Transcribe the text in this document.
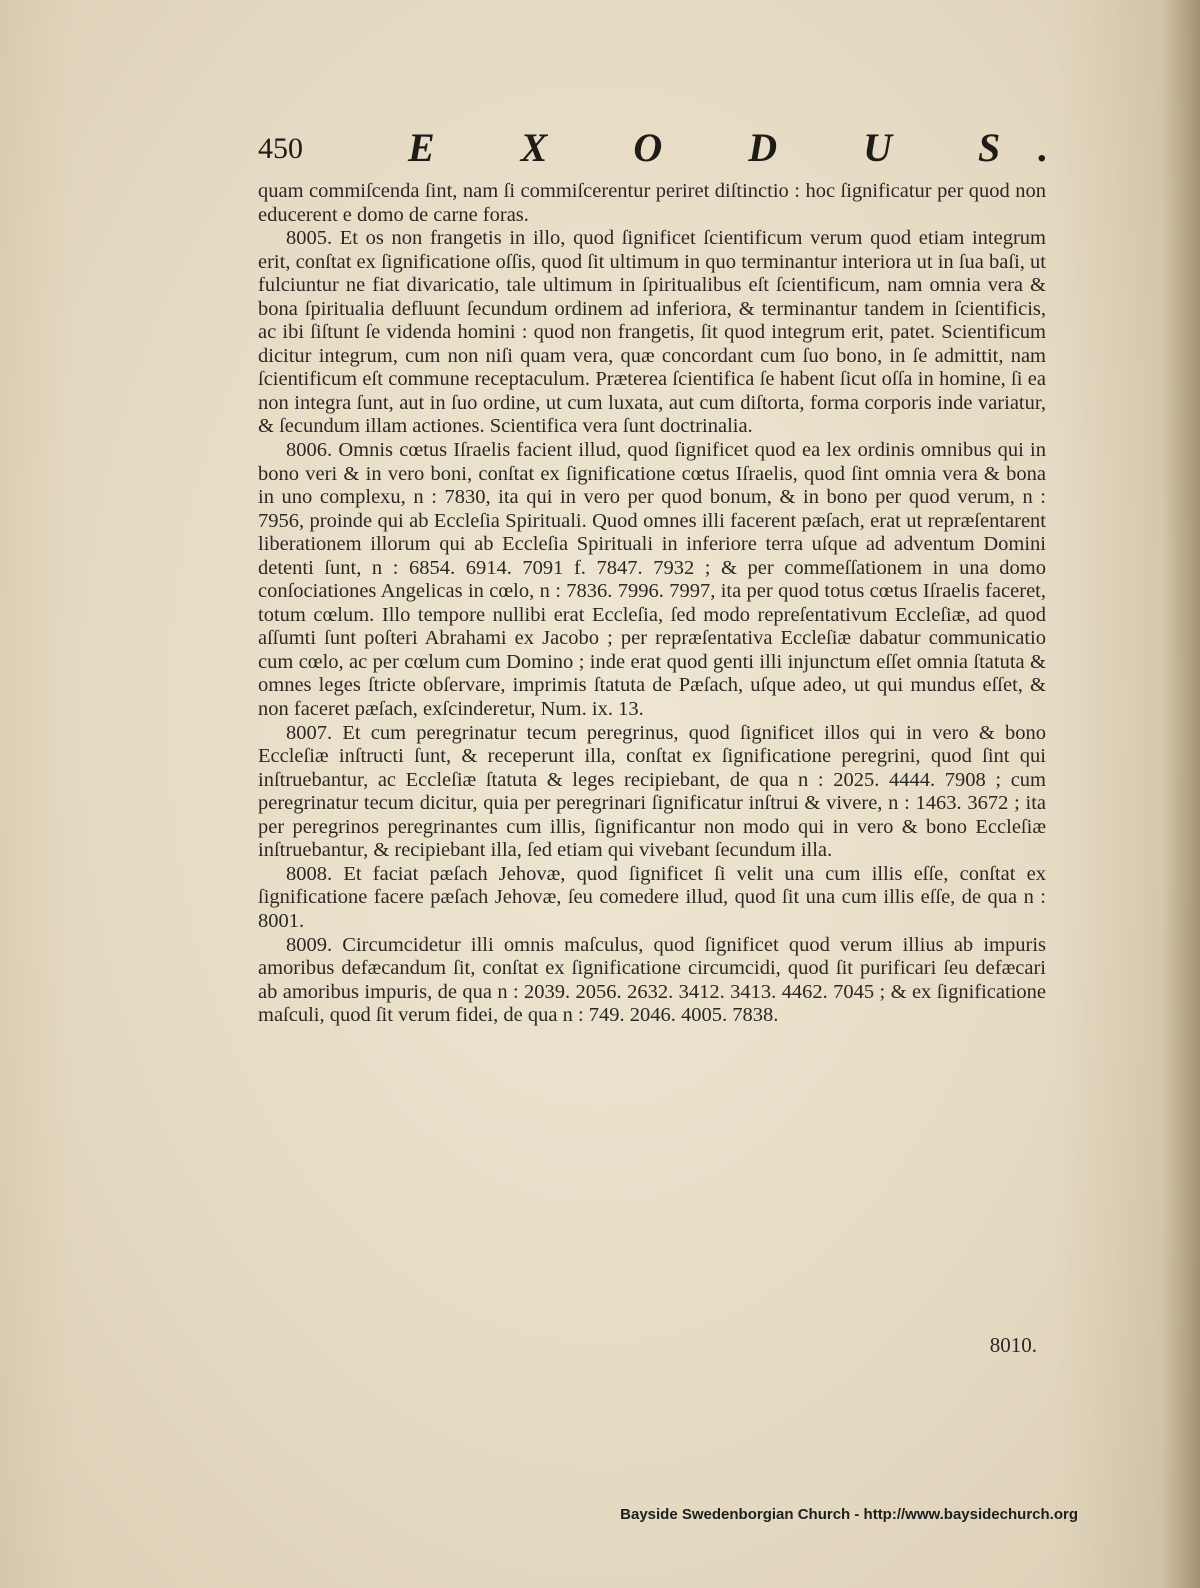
450	E X O D U S.

quam commiſcenda ſint, nam ſi commiſcerentur periret diſtinctio : hoc ſignificatur per quod non educerent e domo de carne foras.

8005. Et os non frangetis in illo, quod ſignificet ſcientificum verum quod etiam integrum erit, conſtat ex ſignificatione oſſis, quod ſit ultimum in quo terminantur interiora ut in ſua baſi, ut fulciuntur ne fiat divaricatio, tale ultimum in ſpiritualibus eſt ſcientificum, nam omnia vera & bona ſpiritualia defluunt ſecundum ordinem ad inferiora, & terminantur tandem in ſcientificis, ac ibi ſiſtunt ſe videnda homini : quod non frangetis, ſit quod integrum erit, patet. Scientificum dicitur integrum, cum non niſi quam vera, quæ concordant cum ſuo bono, in ſe admittit, nam ſcientificum eſt commune receptaculum. Præterea ſcientifica ſe habent ſicut oſſa in homine, ſi ea non integra ſunt, aut in ſuo ordine, ut cum luxata, aut cum diſtorta, forma corporis inde variatur, & ſecundum illam actiones. Scientifica vera ſunt doctrinalia.

8006. Omnis cœtus Iſraelis facient illud, quod ſignificet quod ea lex ordinis omnibus qui in bono veri & in vero boni, conſtat ex ſignificatione cœtus Iſraelis, quod ſint omnia vera & bona in uno complexu, n : 7830, ita qui in vero per quod bonum, & in bono per quod verum, n : 7956, proinde qui ab Eccleſia Spirituali. Quod omnes illi facerent pæſach, erat ut repræſentarent liberationem illorum qui ab Eccleſia Spirituali in inferiore terra uſque ad adventum Domini detenti ſunt, n : 6854. 6914. 7091 f. 7847. 7932 ; & per commeſſationem in una domo conſociationes Angelicas in cœlo, n : 7836. 7996. 7997, ita per quod totus cœtus Iſraelis faceret, totum cœlum. Illo tempore nullibi erat Eccleſia, ſed modo repreſentativum Eccleſiæ, ad quod aſſumti ſunt poſteri Abrahami ex Jacobo ; per repræſentativa Eccleſiæ dabatur communicatio cum cœlo, ac per cœlum cum Domino ; inde erat quod genti illi injunctum eſſet omnia ſtatuta & omnes leges ſtricte obſervare, imprimis ſtatuta de Pæſach, uſque adeo, ut qui mundus eſſet, & non faceret pæſach, exſcinderetur, Num. ix. 13.

8007. Et cum peregrinatur tecum peregrinus, quod ſignificet illos qui in vero & bono Eccleſiæ inſtructi ſunt, & receperunt illa, conſtat ex ſignificatione peregrini, quod ſint qui inſtruebantur, ac Eccleſiæ ſtatuta & leges recipiebant, de qua n : 2025. 4444. 7908 ; cum peregrinatur tecum dicitur, quia per peregrinari ſignificatur inſtrui & vivere, n : 1463. 3672 ; ita per peregrinos peregrinantes cum illis, ſignificantur non modo qui in vero & bono Eccleſiæ inſtruebantur, & recipiebant illa, ſed etiam qui vivebant ſecundum illa.

8008. Et faciat pæſach Jehovæ, quod ſignificet ſi velit una cum illis eſſe, conſtat ex ſignificatione facere pæſach Jehovæ, ſeu comedere illud, quod ſit una cum illis eſſe, de qua n : 8001.

8009. Circumcidetur illi omnis maſculus, quod ſignificet quod verum illius ab impuris amoribus defæcandum ſit, conſtat ex ſignificatione circumcidi, quod ſit purificari ſeu defæcari ab amoribus impuris, de qua n : 2039. 2056. 2632. 3412. 3413. 4462. 7045 ; & ex ſignificatione maſculi, quod ſit verum fidei, de qua n : 749. 2046. 4005. 7838.

8010.
Bayside Swedenborgian Church - http://www.baysidechurch.org
